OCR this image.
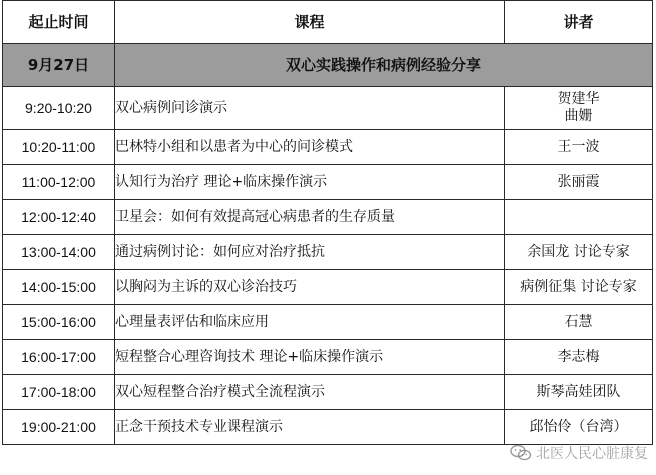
起止时间	课程	讲者
9月27日	双心实践操作和病例经验分享	
9:20-10:20	双心病例问诊演示	贺建华
曲姗

10:20-11:00	巴林特小组和以患者为中心的问诊模式	王一波

11:00-12:00	认知行为治疗 理论+临床操作演示	张丽霞

12:00-12:40	卫星会：如何有效提高冠心病患者的生存质量	
13:00-14:00	通过病例讨论：如何应对治疗抵抗	余国龙 讨论专家

14:00-15:00	以胸闷为主诉的双心诊治技巧	病例征集 讨论专家

15:00-16:00	心理量表评估和临床应用	石慧

16:00-17:00	短程整合心理咨询技术 理论+临床操作演示	李志梅

17:00-18:00	双心短程整合治疗模式全流程演示	斯琴高娃团队

19:00-21:00	正念干预技术专业课程演示	邱怡伶（台湾）
北医人民心脏康复
